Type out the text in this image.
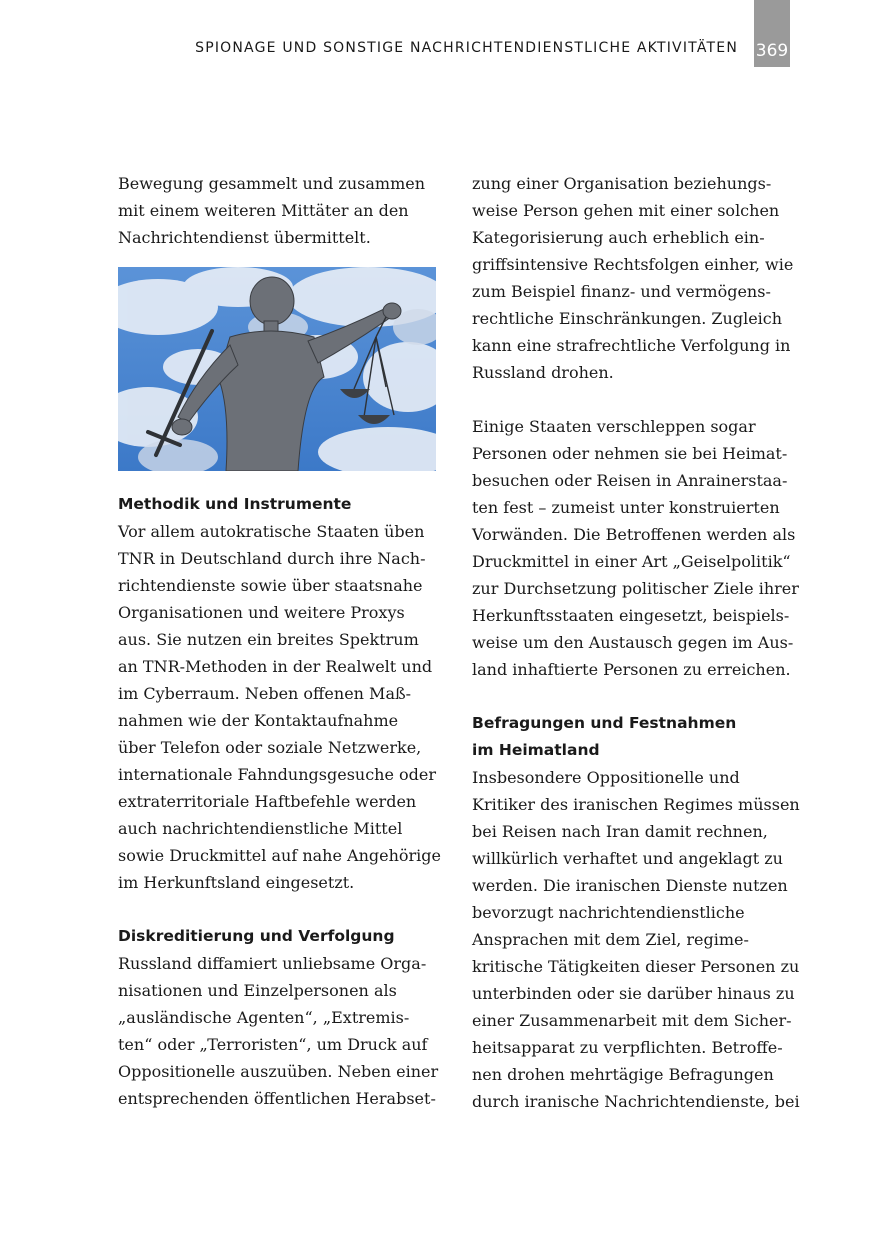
SPIONAGE UND SONSTIGE NACHRICHTENDIENSTLICHE AKTIVITÄTEN 369
Bewegung gesammelt und zusammen
mit einem weiteren Mittäter an den
Nachrichtendienst übermittelt.
Methodik und Instrumente
Vor allem autokratische Staaten üben
TNR in Deutschland durch ihre Nach-
richtendienste sowie über staatsnahe
Organisationen und weitere Proxys
aus. Sie nutzen ein breites Spektrum
an TNR-Methoden in der Realwelt und
im Cyberraum. Neben offenen Maß-
nahmen wie der Kontaktaufnahme
über Telefon oder soziale Netzwerke,
internationale Fahndungsgesuche oder
extraterritoriale Haftbefehle werden
auch nachrichtendienstliche Mittel
sowie Druckmittel auf nahe Angehörige
im Herkunftsland eingesetzt.
Diskreditierung und Verfolgung
Russland diffamiert unliebsame Orga-
nisationen und Einzelpersonen als
„ausländische Agenten“, „Extremis-
ten“ oder „Terroristen“, um Druck auf
Oppositionelle auszuüben. Neben einer
entsprechenden öffentlichen Herabset-
zung einer Organisation beziehungs-
weise Person gehen mit einer solchen
Kategorisierung auch erheblich ein-
griffsintensive Rechtsfolgen einher, wie
zum Beispiel finanz- und vermögens-
rechtliche Einschränkungen. Zugleich
kann eine strafrechtliche Verfolgung in
Russland drohen.
Einige Staaten verschleppen sogar
Personen oder nehmen sie bei Heimat-
besuchen oder Reisen in Anrainerstaa-
ten fest – zumeist unter konstruierten
Vorwänden. Die Betroffenen werden als
Druckmittel in einer Art „Geiselpolitik“
zur Durchsetzung politischer Ziele ihrer
Herkunftsstaaten eingesetzt, beispiels-
weise um den Austausch gegen im Aus-
land inhaftierte Personen zu erreichen.
Befragungen und Festnahmen
im Heimatland
Insbesondere Oppositionelle und
Kritiker des iranischen Regimes müssen
bei Reisen nach Iran damit rechnen,
willkürlich verhaftet und angeklagt zu
werden. Die iranischen Dienste nutzen
bevorzugt nachrichtendienstliche
Ansprachen mit dem Ziel, regime-
kritische Tätigkeiten dieser Personen zu
unterbinden oder sie darüber hinaus zu
einer Zusammenarbeit mit dem Sicher-
heitsapparat zu verpflichten. Betroffe-
nen drohen mehrtägige Befragungen
durch iranische Nachrichtendienste, bei
